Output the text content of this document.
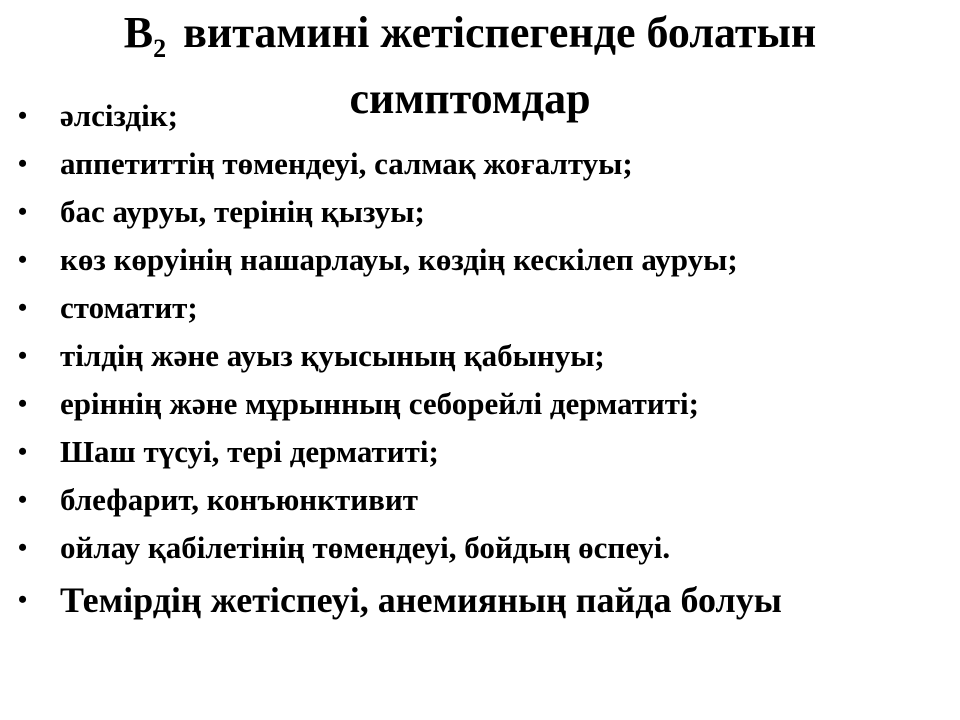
$B_2$ витамині жетіспегенде болатын
симптомдар
• әлсіздік;
• аппетиттің төмендеуі, салмақ жоғалтуы;
• бас ауруы, терінің қызуы;
• көз көруінің нашарлауы, көздің кескілеп ауруы;
• стоматит;
• тілдің және ауыз қуысының қабынуы;
• еріннің және мұрынның себорейлі дерматиті;
• Шаш түсуі, тері дерматиті;
• блефарит, конъюнктивит
• ойлау қабілетінің төмендеуі, бойдың өспеуі.
• Темірдің жетіспеуі, анемияның пайда болуы
